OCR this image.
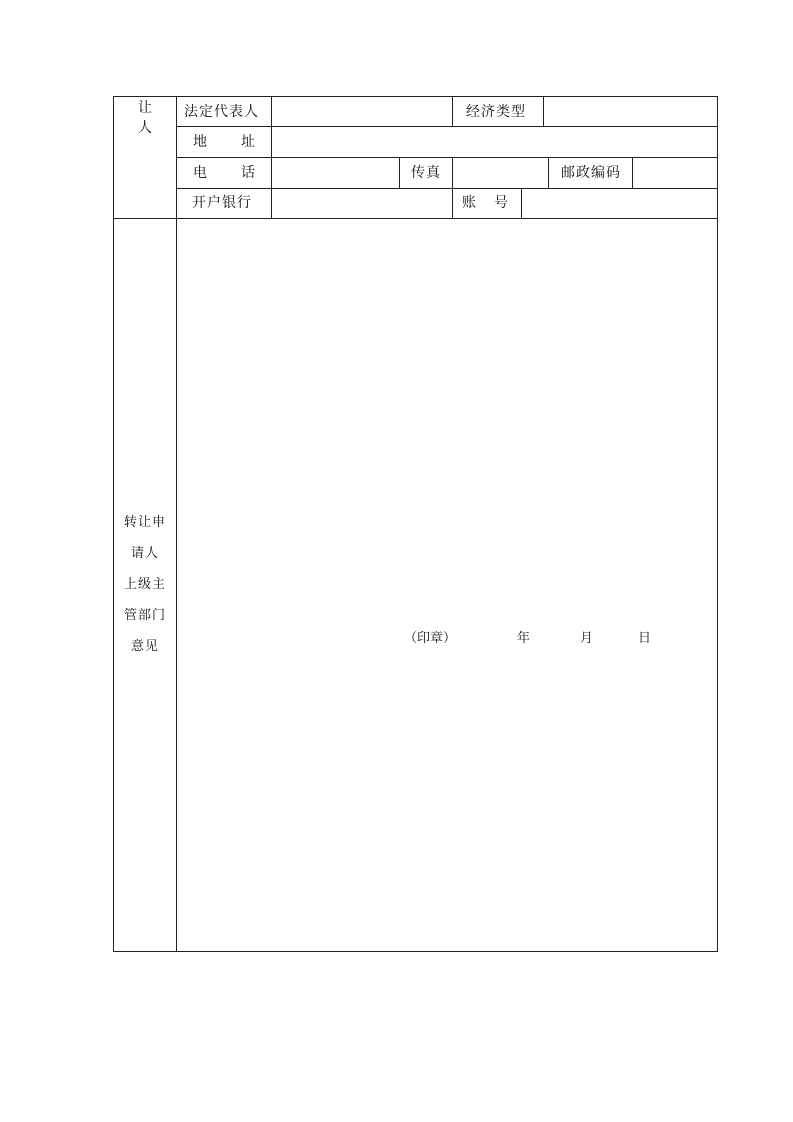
让
人
法定代表人	经济类型
地 址
电 话	传真	邮政编码
开户银行	账 号
转让申
请人
上级主
管部门
意见
（印章）	年	月	日
